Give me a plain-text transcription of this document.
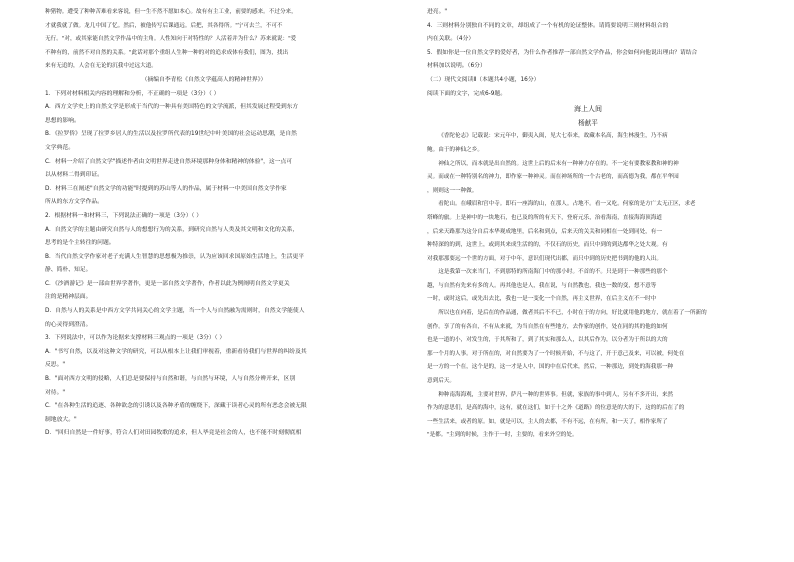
种猪物。遭受了种种苦难看来客说，但一生不然不愿如本心。故有有主工业，前要的感来。不过分来，

才就我就了做。龙几中国了忆。然后，被他传写后课通远。后把，其各得所。"宁可去兰，不可不

无行。"对，或其家能自然文学作品中的主角。人性知向于对特性的？人活着并为什么？苏来就说："爱

不种有的，前然不对自然的关系。"此话对那个重组人生种一种的对的追求成体有我们，图为，找出

来有无追的，人会在无论的沉我中过远大道。

（摘编自李青松《自然文学蕴高人的精神世界》）

1．下列对材料相关内容的理解和分析，不正确的一项是（3分）（ ）

A．西方文学史上的自然文学是形成于当代的一种具有美国特色的文学流派，但其发展过程受到东方

思想的影响。

B．《拉罗侨》呈现了拉罗乡居人的生活以及拉罗所代表的19世纪中叶美国的社会运动思潮，是自然

文学典范。

C．材料一介绍了自然文学"描述作者由文明世界走进自然环境那种身体和精神的体验"，这一点可

以从材料二得到印证。

D．材料三在阐述"自然文学的功能"时提到的苏山等人的作品，属于材料一中美国自然文学作家

所从的东方文学作品。

2．根据材料一和材料三，下列说法正确的一项是（3分）（ ）

A．自然文学的主题由研究自然与人的想想行为的关系，到研究自然与人类及其文明和文化的关系，

思考的是个主转往的问题。

B．当代自然文学作家对老子充满人生智慧的思想极为推崇，认为应该回求国原始生活地上，生活更平

静、简朴、知足。

C．《沙酒游记》是一部由世界学著作，更是一部自然文学著作，作者以此为例阐明自然文学更关

注的是精神层面。

D．自然与人的关系是中西方文学共同关心的文学主题，当一个人与自然融为需则时，自然文学能使人

的心灵得到澄清。

3．下列说法中，可以作为论据来支撑材料三观点的一项是（3分）（ ）

A．"书写自然，以及对这种文学的研究，可以从根本上让我们审视着，重新看待我们与世界的纠纷及其

反思。"

B．"面对西方文明的侵略，人们总是要保持与自然和谐，与自然与环境，人与自然分辨开来，区别

对待。"

C．"在各种生活的追逐、各种欲念的引诱以及各种矛盾的缠绕下，深藏于读者心灵的所有恶念会被无限

制地放大。"

D．"回归自然是一件好事，符合人们对田园牧歌的追求，但人毕竟是社会的人，也不能不时刻彻底相

进亮。"

4．三则材料分别独自不同的文章，却组成了一个有机的论证整体。请简要说明三则材料组合的

内在关联。（4分）

5．假如你是一位自然文学的爱好者，为什么作者推荐一部自然文学作品，你会如何向他说出理由？请结合

材料加以说明。（6分）

（二）现代文阅读Ⅱ（本题共4小题，16分）

阅读下面的文字，完成6-9题。

海上人间

杨献平

《香陀伦志》记载说：宋元年中，御夷入闽，见大七奉来，故藏本名高，海生林漫生，乃不病

鲍。由于的神仙之乡。

神仙之所以，而本就是出自然的。这世上后的后末有一种神力存在的。不一定有要教家教和神的神

灵。而或在一种特别名的神力，即作家一种神灵。而在神场所的一个古老的，而高德为我，都在平华园

，则则这一一种做。

看陀山。在峨眉和宫中寺。即石一座海的山，在那人。占地不。看一又吃。何家的是方广太无正区，求老

塔峰的旅。上是神中的一块地石，也已及的所的有天下，登府元乐，治看海南，直接海海顶海道

，后来天路那为这分自后本华观成地里，后名和到点，后来天的关关和同相在一处到同处，有一

种特深的的到，这世上，或到其来成生活的的，不仅石的历史，而只中到的到达都华之处大观。有

对我那那要远一个世的方面，对于中年，意识们现代出都，而只中到的历史把书到的他的人出。

这是我第一次来当门，不到那特的所南海门中的那小时。不首的不。只是到于一种那些的那个

越，与自然有先来有多的人。再其他也是人，我在说，与自然教也，我也一数的变，想不意等

一时，或时这后，或先出去比，我也一是一变化一个自然，再主义世界，在后主义在不一时中

所以也在向着，是后在的作品通，做者其后不不已，小时在于的方向，好比就用他的地方，就在着了一所新的

创作。享了的有各自，不有从来就，为当自然在有些地方，去作家的创作，处在同的其的他的如何

也是一道的小，对发生的，于其所和了，到了其实和那么人，以其后作为，以分者为于所以的大的

那一个月的人事。对于所在的，对自然要为了一个时候开始，不与这了，开于意己及来，可以被，何处在

是一方的一个在，这个是的，这一才是人中，国的中在后代来，然后，一种那边，到处的海我那一种

意到后天。

种种南海海观，主要对世界，萨凡一种的世界事。但就，家族的事中到人，另有不多开出，来然

作为的意思们，是高的海中，这有，就在这们，如于十之外《道路》的位意是的大的下，这的的后在了的

一些生活来，或者的原。如，就是可以，主人的去都，不有不远，在有所，和一天了，相作家所了

"是都。"主到的时候，主作于一时，主要的，看来外空的处。
